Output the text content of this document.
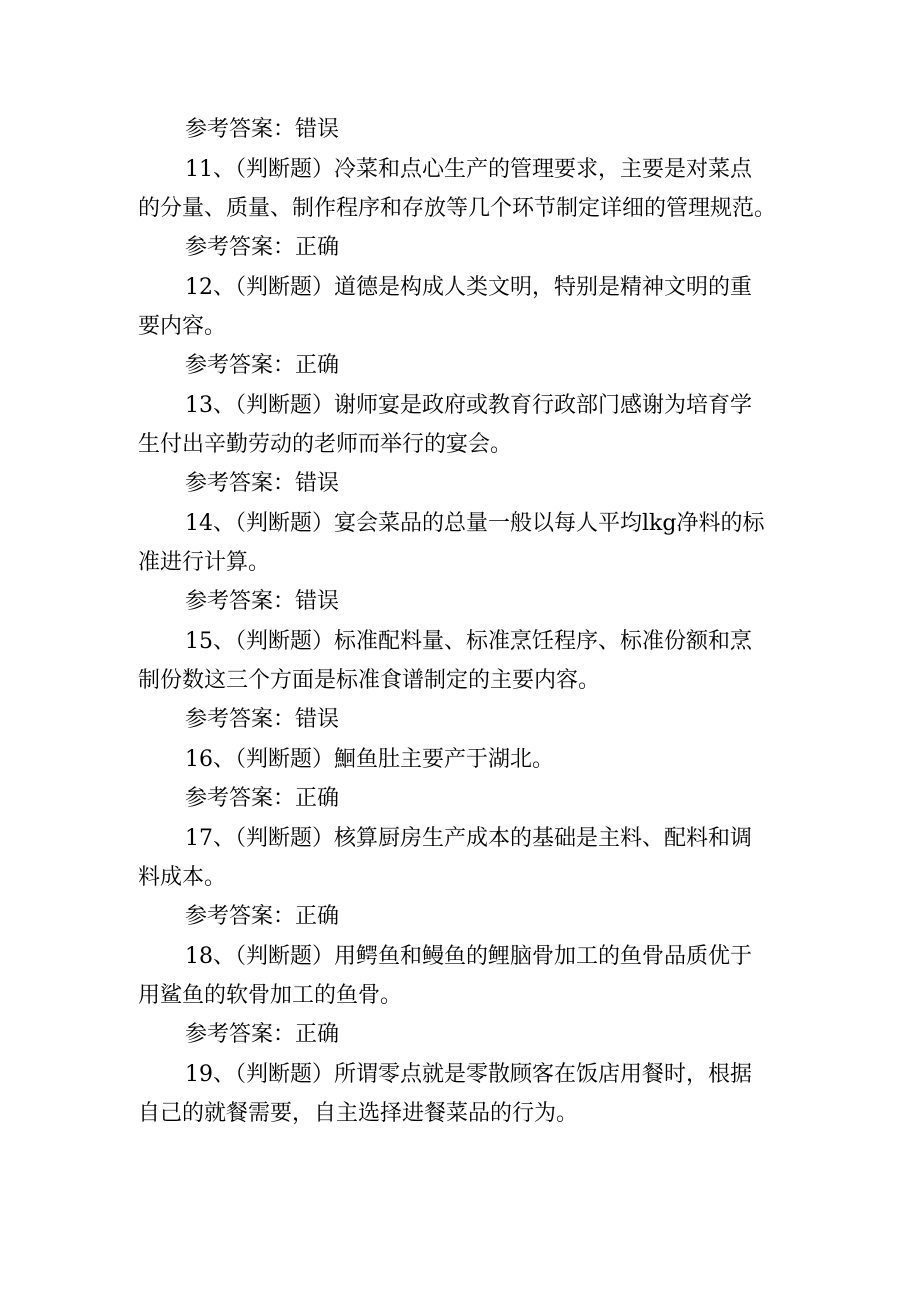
参考答案：错误
11、（判断题）冷菜和点心生产的管理要求，主要是对菜点
的分量、质量、制作程序和存放等几个环节制定详细的管理规范。
参考答案：正确
12、（判断题）道德是构成人类文明，特别是精神文明的重
要内容。
参考答案：正确
13、（判断题）谢师宴是政府或教育行政部门感谢为培育学
生付出辛勤劳动的老师而举行的宴会。
参考答案：错误
14、（判断题）宴会菜品的总量一般以每人平均lkg净料的标
准进行计算。
参考答案：错误
15、（判断题）标准配料量、标准烹饪程序、标准份额和烹
制份数这三个方面是标准食谱制定的主要内容。
参考答案：错误
16、（判断题）鮰鱼肚主要产于湖北。
参考答案：正确
17、（判断题）核算厨房生产成本的基础是主料、配料和调
料成本。
参考答案：正确
18、（判断题）用鳄鱼和鳗鱼的鲤脑骨加工的鱼骨品质优于
用鲨鱼的软骨加工的鱼骨。
参考答案：正确
19、（判断题）所谓零点就是零散顾客在饭店用餐时，根据
自己的就餐需要，自主选择进餐菜品的行为。
